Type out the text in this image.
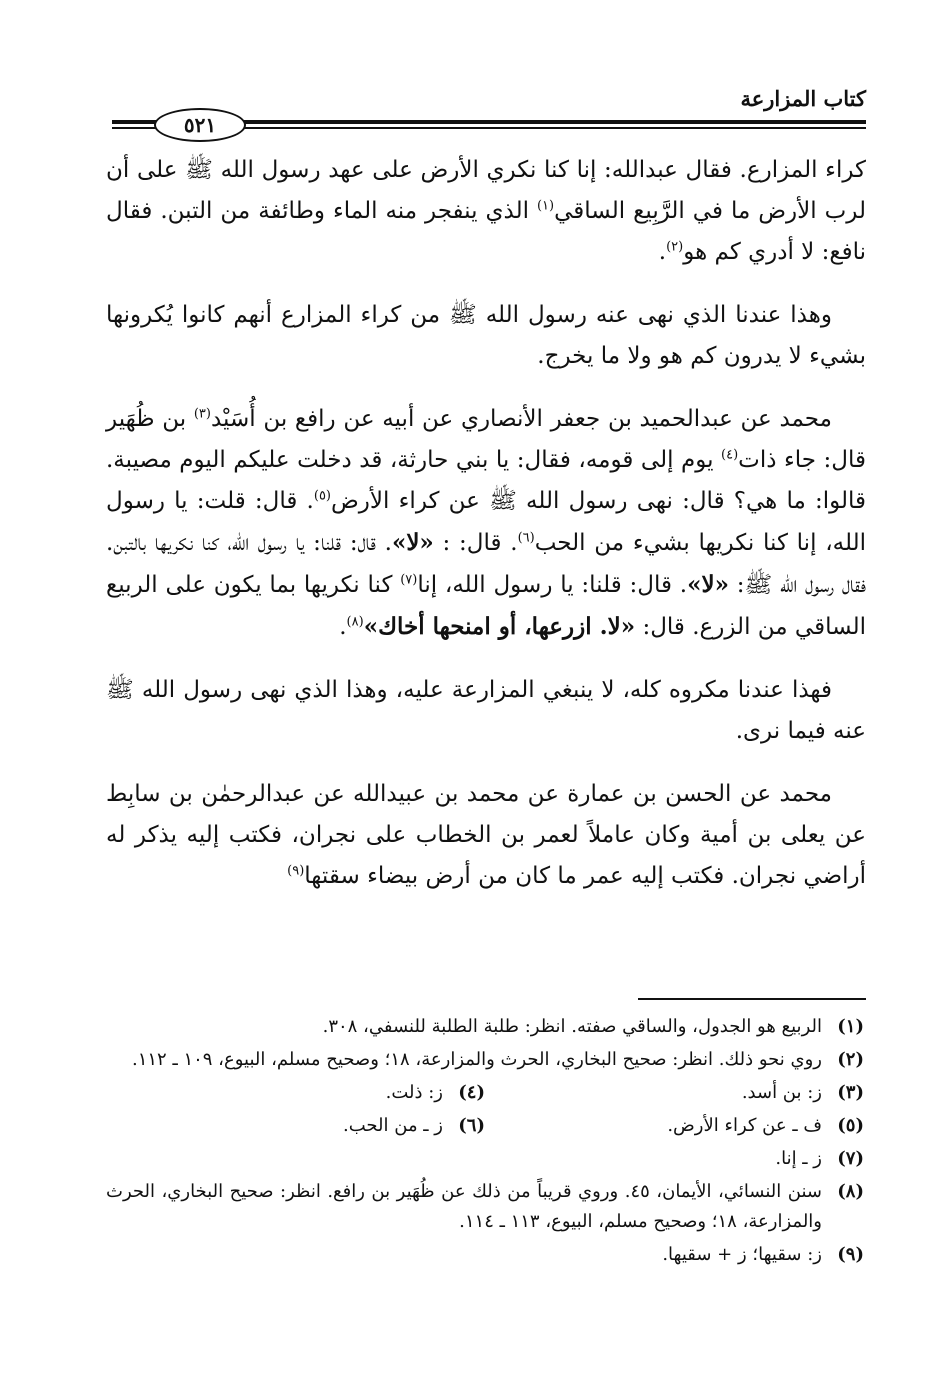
كتاب المزارعة
٥٢١

كراء المزارع. فقال عبدالله: إنا كنا نكري الأرض على عهد رسول الله ﷺ على أن لرب الأرض ما في الرَّبِيع الساقي$^{(١)}$ الذي ينفجر منه الماء وطائفة من التبن. فقال نافع: لا أدري كم هو$^{(٢)}$.

وهذا عندنا الذي نهى عنه رسول الله ﷺ من كراء المزارع أنهم كانوا يُكرونها بشيء لا يدرون كم هو ولا ما يخرج.

محمد عن عبدالحميد بن جعفر الأنصاري عن أبيه عن رافع بن أُسَيْد$^{(٣)}$ بن ظُهَير قال: جاء ذات$^{(٤)}$ يوم إلى قومه، فقال: يا بني حارثة، قد دخلت عليكم اليوم مصيبة. قالوا: ما هي؟ قال: نهى رسول الله ﷺ عن كراء الأرض$^{(٥)}$. قال: قلت: يا رسول الله، إنا كنا نكريها بشيء من الحب$^{(٦)}$. قال: : «لا». قال: قلنا: يا رسول الله، كنا نكريها بالتبن. فقال رسول الله ﷺ: «لا». قال: قلنا: يا رسول الله، إنا$^{(٧)}$ كنا نكريها بما يكون على الربيع الساقي من الزرع. قال: «لا. ازرعها، أو امنحها أخاك»$^{(٨)}$.

فهذا عندنا مكروه كله، لا ينبغي المزارعة عليه، وهذا الذي نهى رسول الله ﷺ عنه فيما نرى.

محمد عن الحسن بن عمارة عن محمد بن عبيدالله عن عبدالرحمٰن بن سابِط عن يعلى بن أمية وكان عاملاً لعمر بن الخطاب على نجران، فكتب إليه يذكر له أراضي نجران. فكتب إليه عمر ما كان من أرض بيضاء سقتها$^{(٩)}$

(١)
الربيع هو الجدول، والساقي صفته. انظر: طلبة الطلبة للنسفي، ٣٠٨.
(٢)
روي نحو ذلك. انظر: صحيح البخاري، الحرث والمزارعة، ١٨؛ وصحيح مسلم، البيوع، ١٠٩ ـ ١١٢.
(٣)
ز: بن أسد.
(٤)
ز: ذلت.
(٥)
ف ـ عن كراء الأرض.
(٦)
ز ـ من الحب.
(٧)
ز ـ إنا.
(٨)
سنن النسائي، الأيمان، ٤٥. وروي قريباً من ذلك عن ظُهَير بن رافع. انظر: صحيح البخاري، الحرث والمزارعة، ١٨؛ وصحيح مسلم، البيوع، ١١٣ ـ ١١٤.
(٩)
ز: سقيها؛ ز + سقيها.
